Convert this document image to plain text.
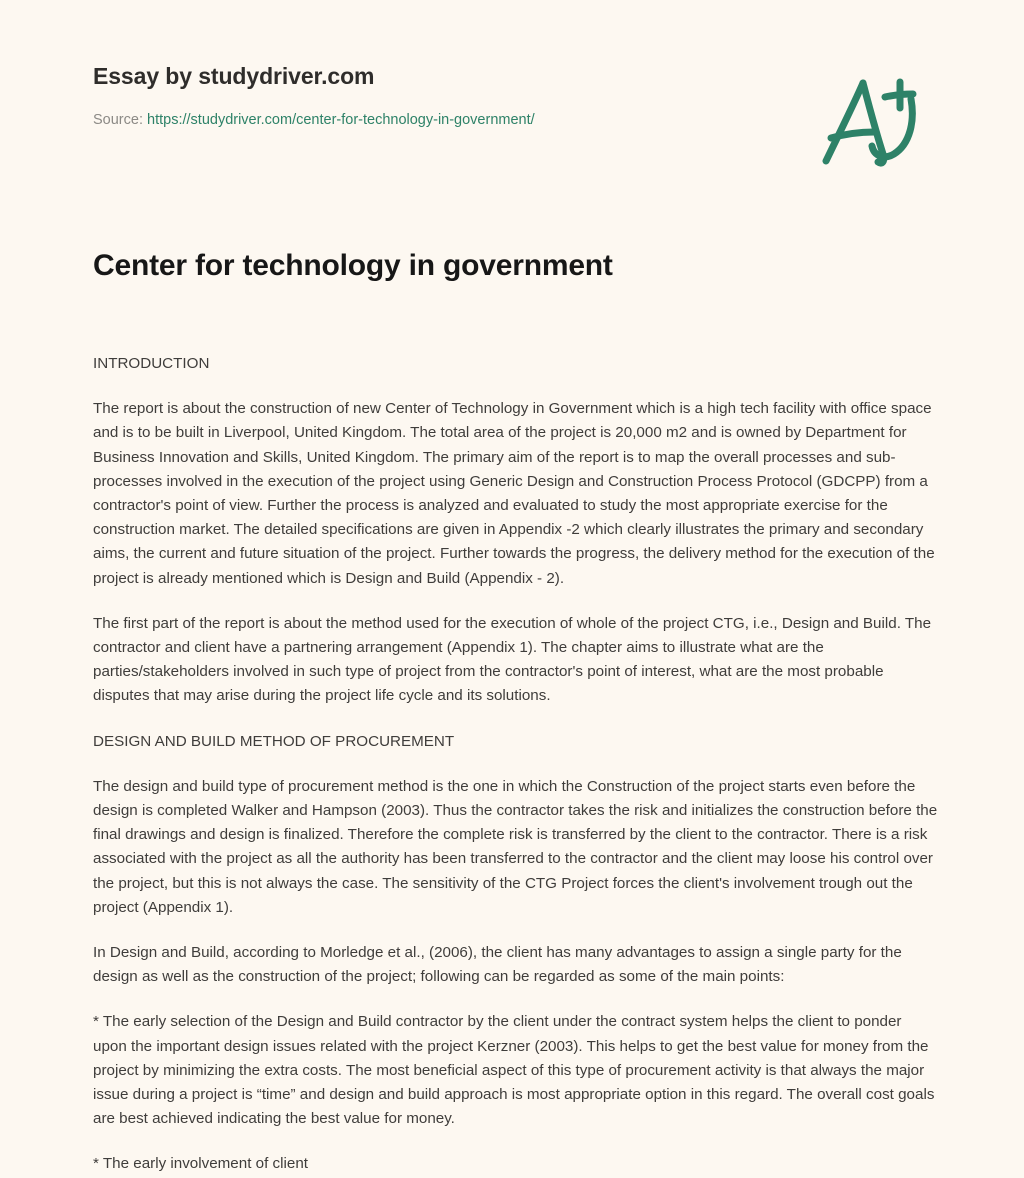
Essay by studydriver.com
Source: https://studydriver.com/center-for-technology-in-government/
Center for technology in government

INTRODUCTION

The report is about the construction of new Center of Technology in Government which is a high tech facility with office space and is to be built in Liverpool, United Kingdom. The total area of the project is 20,000 m2 and is owned by Department for Business Innovation and Skills, United Kingdom. The primary aim of the report is to map the overall processes and sub-processes involved in the execution of the project using Generic Design and Construction Process Protocol (GDCPP) from a contractor's point of view. Further the process is analyzed and evaluated to study the most appropriate exercise for the construction market. The detailed specifications are given in Appendix -2 which clearly illustrates the primary and secondary aims, the current and future situation of the project. Further towards the progress, the delivery method for the execution of the project is already mentioned which is Design and Build (Appendix - 2).

The first part of the report is about the method used for the execution of whole of the project CTG, i.e., Design and Build. The contractor and client have a partnering arrangement (Appendix 1). The chapter aims to illustrate what are the parties/stakeholders involved in such type of project from the contractor's point of interest, what are the most probable disputes that may arise during the project life cycle and its solutions.

DESIGN AND BUILD METHOD OF PROCUREMENT

The design and build type of procurement method is the one in which the Construction of the project starts even before the design is completed Walker and Hampson (2003). Thus the contractor takes the risk and initializes the construction before the final drawings and design is finalized. Therefore the complete risk is transferred by the client to the contractor. There is a risk associated with the project as all the authority has been transferred to the contractor and the client may loose his control over the project, but this is not always the case. The sensitivity of the CTG Project forces the client's involvement trough out the project (Appendix 1).

In Design and Build, according to Morledge et al., (2006), the client has many advantages to assign a single party for the design as well as the construction of the project; following can be regarded as some of the main points:

* The early selection of the Design and Build contractor by the client under the contract system helps the client to ponder upon the important design issues related with the project Kerzner (2003). This helps to get the best value for money from the project by minimizing the extra costs. The most beneficial aspect of this type of procurement activity is that always the major issue during a project is “time” and design and build approach is most appropriate option in this regard. The overall cost goals are best achieved indicating the best value for money.

* The early involvement of client
